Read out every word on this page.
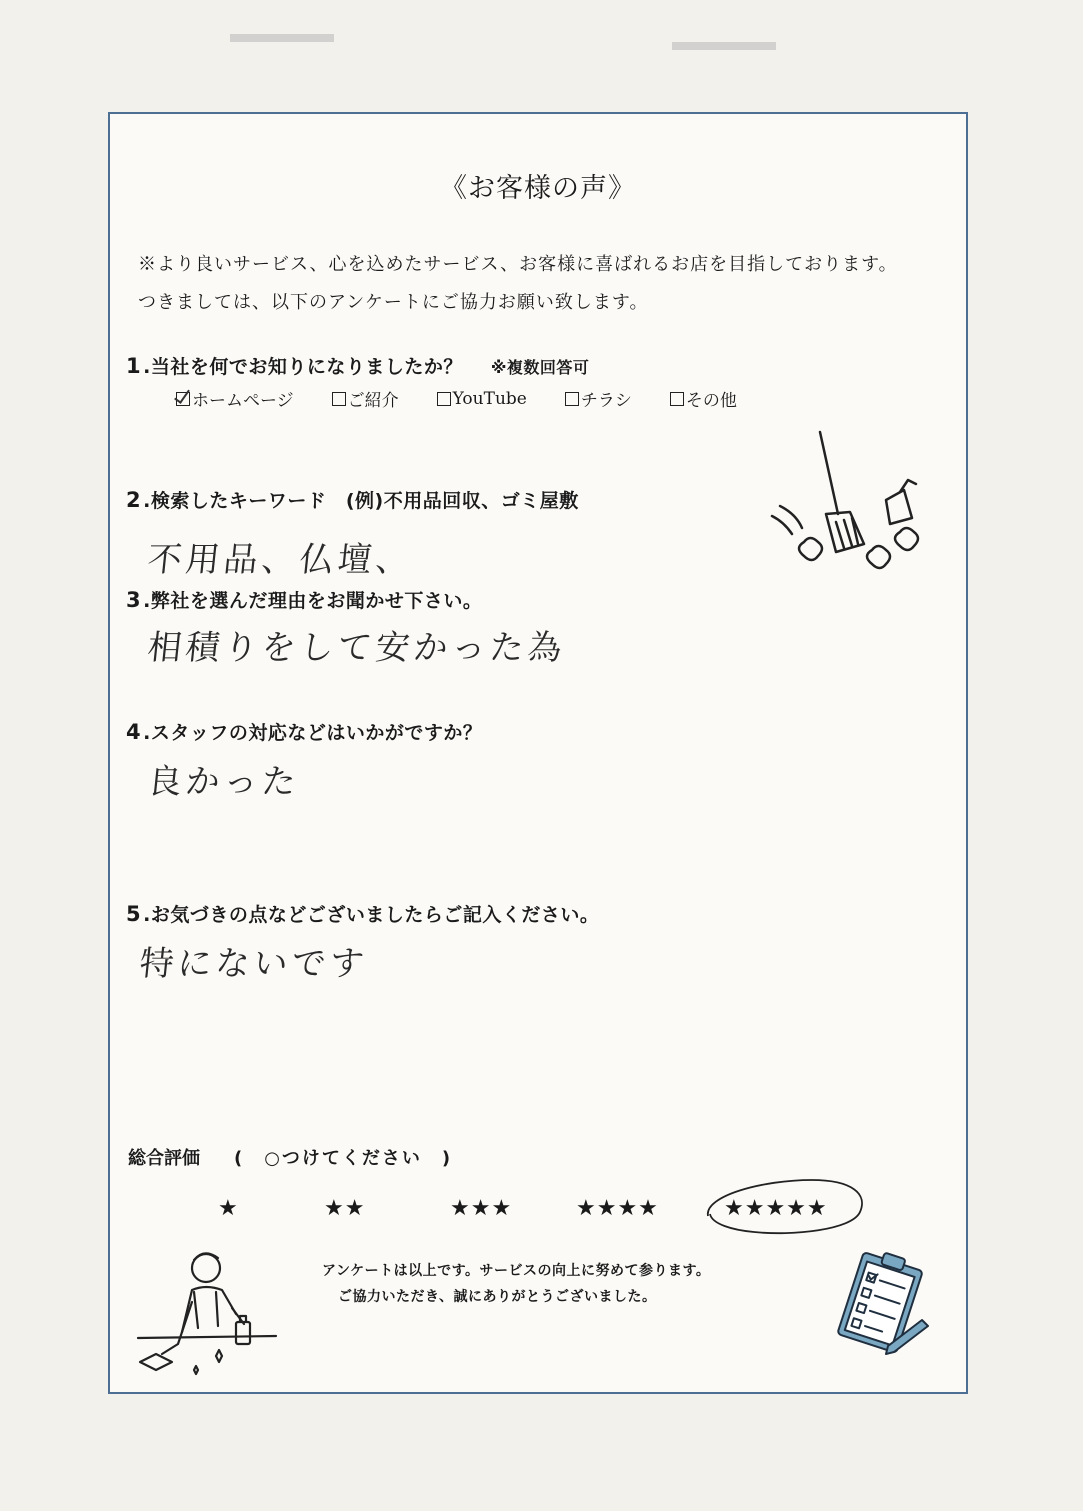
《お客様の声》
※より良いサービス、心を込めたサービス、お客様に喜ばれるお店を目指しております。
つきましては、以下のアンケートにご協力お願い致します。
1 .当社を何でお知りになりましたか？ ※複数回答可
ホームページ	ご紹介	YouTube	チラシ	その他
2 .検索したキーワード　(例)不用品回収、ゴミ屋敷
不用品、仏壇、
3 .弊社を選んだ理由をお聞かせ下さい。
相積りをして安かった為
4 .スタッフの対応などはいかがですか？
良かった
5 .お気づきの点などございましたらご記入ください。
特にないです
総合評価 (　○つけてください　)
★	★★	★★★	★★★★	★★★★★
アンケートは以上です。サービスの向上に努めて参ります。
ご協力いただき、誠にありがとうございました。
